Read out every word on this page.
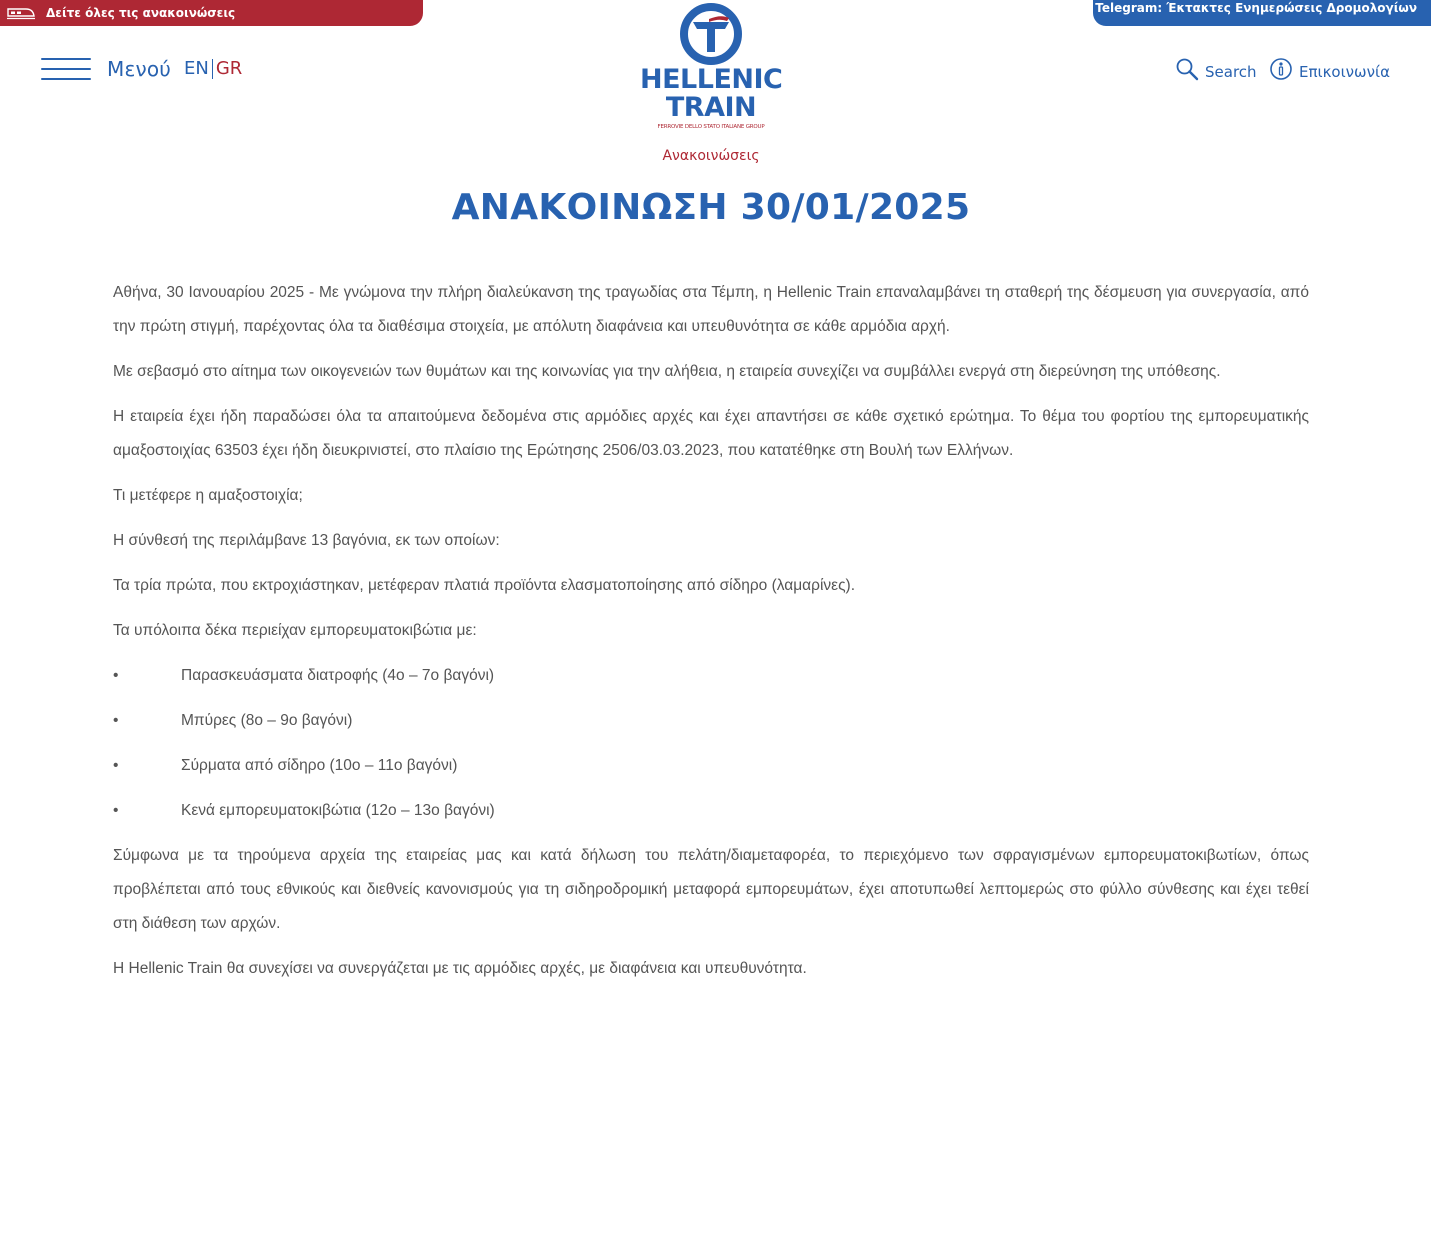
Δείτε όλες τις ανακοινώσεις	Telegram: Έκτακτες Ενημερώσεις Δρομολογίων
Μενού EN GR	HELLENIC
TRAIN
FERROVIE DELLO STATO ITALIANE GROUP
Search	Επικοινωνία
Ανακοινώσεις
ΑΝΑΚΟΙΝΩΣΗ 30/01/2025

Αθήνα, 30 Ιανουαρίου 2025 - Με γνώμονα την πλήρη διαλεύκανση της τραγωδίας στα Τέμπη, η Hellenic Train επαναλαμβάνει τη σταθερή της δέσμευση για συνεργασία, από την πρώτη στιγμή, παρέχοντας όλα τα διαθέσιμα στοιχεία, με απόλυτη διαφάνεια και υπευθυνότητα σε κάθε αρμόδια αρχή.

Με σεβασμό στο αίτημα των οικογενειών των θυμάτων και της κοινωνίας για την αλήθεια, η εταιρεία συνεχίζει να συμβάλλει ενεργά στη διερεύνηση της υπόθεσης.

Η εταιρεία έχει ήδη παραδώσει όλα τα απαιτούμενα δεδομένα στις αρμόδιες αρχές και έχει απαντήσει σε κάθε σχετικό ερώτημα. Το θέμα του φορτίου της εμπορευματικής αμαξοστοιχίας 63503 έχει ήδη διευκρινιστεί, στο πλαίσιο της Ερώτησης 2506/03.03.2023, που κατατέθηκε στη Βουλή των Ελλήνων.

Τι μετέφερε η αμαξοστοιχία;

Η σύνθεσή της περιλάμβανε 13 βαγόνια, εκ των οποίων:

Τα τρία πρώτα, που εκτροχιάστηκαν, μετέφεραν πλατιά προϊόντα ελασματοποίησης από σίδηρο (λαμαρίνες).

Τα υπόλοιπα δέκα περιείχαν εμπορευματοκιβώτια με:

•	Παρασκευάσματα διατροφής (4ο – 7ο βαγόνι)
•	Μπύρες (8ο – 9ο βαγόνι)
•	Σύρματα από σίδηρο (10ο – 11ο βαγόνι)
•	Κενά εμπορευματοκιβώτια (12ο – 13ο βαγόνι)

Σύμφωνα με τα τηρούμενα αρχεία της εταιρείας μας και κατά δήλωση του πελάτη/διαμεταφορέα, το περιεχόμενο των σφραγισμένων εμπορευματοκιβωτίων, όπως προβλέπεται από τους εθνικούς και διεθνείς κανονισμούς για τη σιδηροδρομική μεταφορά εμπορευμάτων, έχει αποτυπωθεί λεπτομερώς στο φύλλο σύνθεσης και έχει τεθεί στη διάθεση των αρχών.

Η Hellenic Train θα συνεχίσει να συνεργάζεται με τις αρμόδιες αρχές, με διαφάνεια και υπευθυνότητα.
